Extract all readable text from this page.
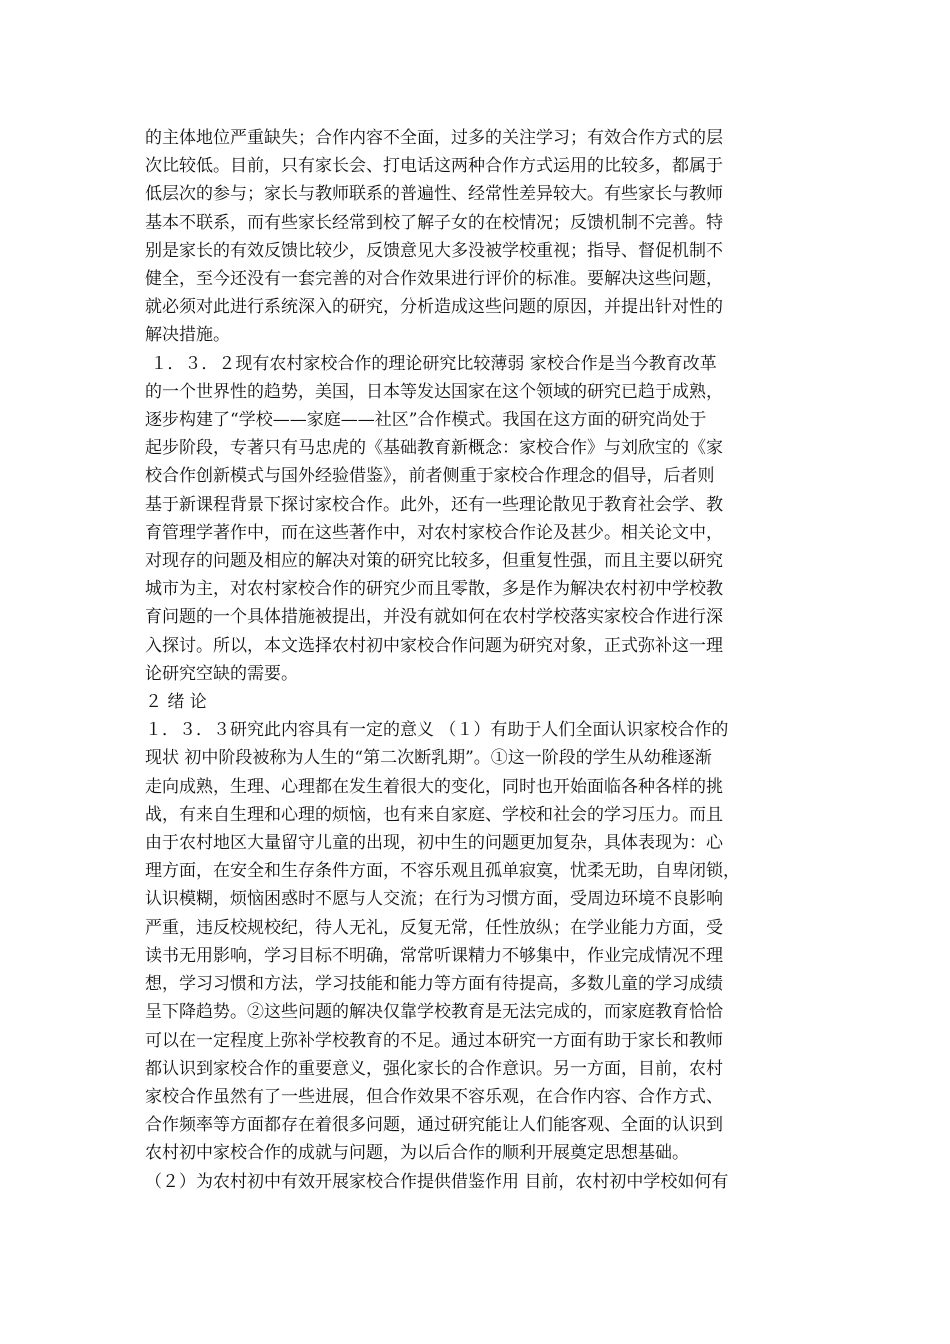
的主体地位严重缺失；合作内容不全面，过多的关注学习；有效合作方式的层
次比较低。目前，只有家长会、打电话这两种合作方式运用的比较多，都属于
低层次的参与；家长与教师联系的普遍性、经常性差异较大。有些家长与教师
基本不联系，而有些家长经常到校了解子女的在校情况；反馈机制不完善。特
别是家长的有效反馈比较少，反馈意见大多没被学校重视；指导、督促机制不
健全，至今还没有一套完善的对合作效果进行评价的标准。要解决这些问题，
就必须对此进行系统深入的研究，分析造成这些问题的原因，并提出针对性的
解决措施。
１．３．２现有农村家校合作的理论研究比较薄弱 家校合作是当今教育改革
的一个世界性的趋势，美国，日本等发达国家在这个领域的研究已趋于成熟，
逐步构建了“学校——家庭——社区”合作模式。我国在这方面的研究尚处于
起步阶段，专著只有马忠虎的《基础教育新概念：家校合作》与刘欣宝的《家
校合作创新模式与国外经验借鉴》，前者侧重于家校合作理念的倡导，后者则
基于新课程背景下探讨家校合作。此外，还有一些理论散见于教育社会学、教
育管理学著作中，而在这些著作中，对农村家校合作论及甚少。相关论文中，
对现存的问题及相应的解决对策的研究比较多，但重复性强，而且主要以研究
城市为主，对农村家校合作的研究少而且零散，多是作为解决农村初中学校教
育问题的一个具体措施被提出，并没有就如何在农村学校落实家校合作进行深
入探讨。所以，本文选择农村初中家校合作问题为研究对象，正式弥补这一理
论研究空缺的需要。
２ 绪 论
１．３．３研究此内容具有一定的意义 （１）有助于人们全面认识家校合作的
现状 初中阶段被称为人生的“第二次断乳期”。①这一阶段的学生从幼稚逐渐
走向成熟，生理、心理都在发生着很大的变化，同时也开始面临各种各样的挑
战，有来自生理和心理的烦恼，也有来自家庭、学校和社会的学习压力。而且
由于农村地区大量留守儿童的出现，初中生的问题更加复杂，具体表现为：心
理方面，在安全和生存条件方面，不容乐观且孤单寂寞，忧柔无助，自卑闭锁，
认识模糊，烦恼困惑时不愿与人交流；在行为习惯方面，受周边环境不良影响
严重，违反校规校纪，待人无礼，反复无常，任性放纵；在学业能力方面，受
读书无用影响，学习目标不明确，常常听课精力不够集中，作业完成情况不理
想，学习习惯和方法，学习技能和能力等方面有待提高，多数儿童的学习成绩
呈下降趋势。②这些问题的解决仅靠学校教育是无法完成的，而家庭教育恰恰
可以在一定程度上弥补学校教育的不足。通过本研究一方面有助于家长和教师
都认识到家校合作的重要意义，强化家长的合作意识。另一方面，目前，农村
家校合作虽然有了一些进展，但合作效果不容乐观，在合作内容、合作方式、
合作频率等方面都存在着很多问题，通过研究能让人们能客观、全面的认识到
农村初中家校合作的成就与问题，为以后合作的顺利开展奠定思想基础。
（２）为农村初中有效开展家校合作提供借鉴作用 目前，农村初中学校如何有
